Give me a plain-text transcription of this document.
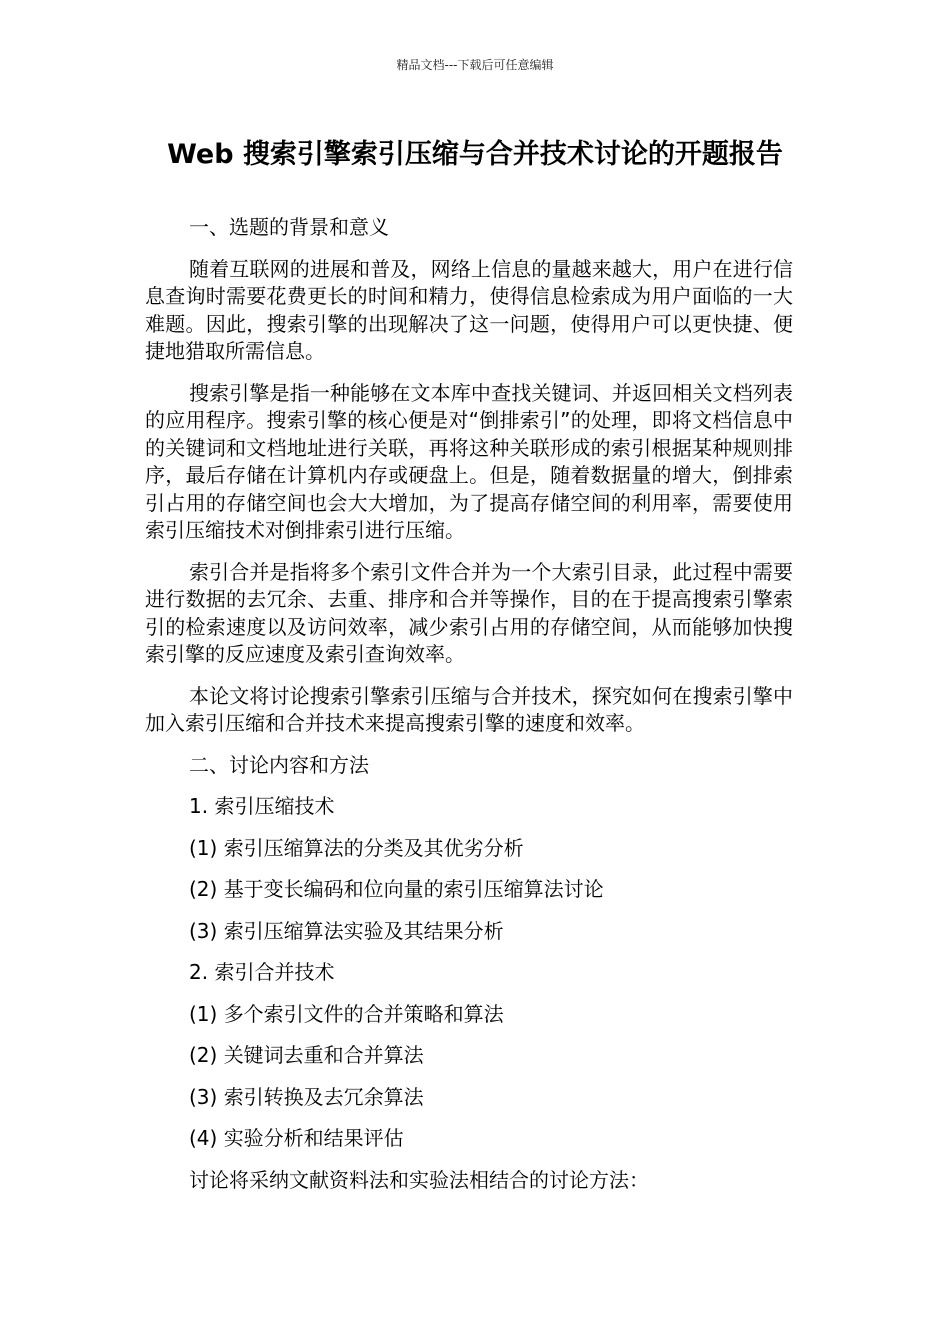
精品文档---下载后可任意编辑
Web 搜索引擎索引压缩与合并技术讨论的开题报告

一、选题的背景和意义

随着互联网的进展和普及，网络上信息的量越来越大，用户在进行信息查询时需要花费更长的时间和精力，使得信息检索成为用户面临的一大难题。因此，搜索引擎的出现解决了这一问题，使得用户可以更快捷、便捷地猎取所需信息。

搜索引擎是指一种能够在文本库中查找关键词、并返回相关文档列表的应用程序。搜索引擎的核心便是对“倒排索引”的处理，即将文档信息中的关键词和文档地址进行关联，再将这种关联形成的索引根据某种规则排序，最后存储在计算机内存或硬盘上。但是，随着数据量的增大，倒排索引占用的存储空间也会大大增加，为了提高存储空间的利用率，需要使用索引压缩技术对倒排索引进行压缩。

索引合并是指将多个索引文件合并为一个大索引目录，此过程中需要进行数据的去冗余、去重、排序和合并等操作，目的在于提高搜索引擎索引的检索速度以及访问效率，减少索引占用的存储空间，从而能够加快搜索引擎的反应速度及索引查询效率。

本论文将讨论搜索引擎索引压缩与合并技术，探究如何在搜索引擎中加入索引压缩和合并技术来提高搜索引擎的速度和效率。

二、讨论内容和方法

1. 索引压缩技术

(1) 索引压缩算法的分类及其优劣分析

(2) 基于变长编码和位向量的索引压缩算法讨论

(3) 索引压缩算法实验及其结果分析

2. 索引合并技术

(1) 多个索引文件的合并策略和算法

(2) 关键词去重和合并算法

(3) 索引转换及去冗余算法

(4) 实验分析和结果评估

讨论将采纳文献资料法和实验法相结合的讨论方法：
